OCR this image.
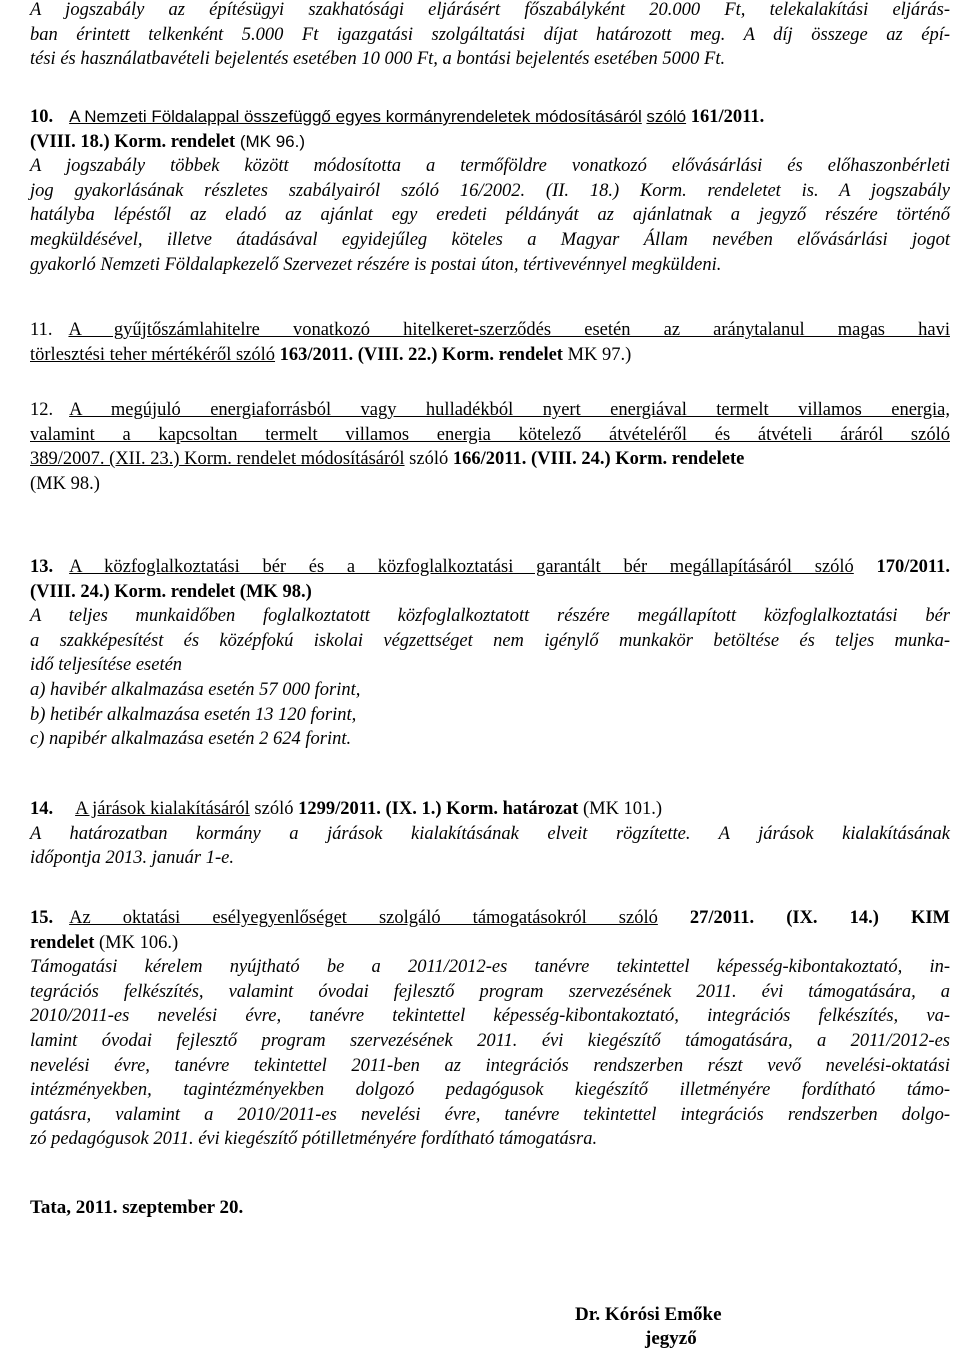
A jogszabály az építésügyi szakhatósági eljárásért főszabályként 20.000 Ft, telekalakítási eljárás-

ban érintett telkenként 5.000 Ft igazgatási szolgáltatási díjat határozott meg. A díj összege az épí-

tési és használatbavételi bejelentés esetében 10 000 Ft, a bontási bejelentés esetében 5000 Ft.

10. A Nemzeti Földalappal összefüggő egyes kormányrendeletek módosításáról szóló 161/2011.

(VIII. 18.) Korm. rendelet (MK 96.)

A jogszabály többek között módosította a termőföldre vonatkozó elővásárlási és előhaszonbérleti

jog gyakorlásának részletes szabályairól szóló 16/2002. (II. 18.) Korm. rendeletet is. A jogszabály

hatályba lépéstől az eladó az ajánlat egy eredeti példányát az ajánlatnak a jegyző részére történő

megküldésével, illetve átadásával egyidejűleg köteles a Magyar Állam nevében elővásárlási jogot

gyakorló Nemzeti Földalapkezelő Szervezet részére is postai úton, tértivevénnyel megküldeni.

11. A gyűjtőszámlahitelre vonatkozó hitelkeret-szerződés esetén az aránytalanul magas havi

törlesztési teher mértékéről szóló 163/2011. (VIII. 22.) Korm. rendelet MK 97.)

12. A megújuló energiaforrásból vagy hulladékból nyert energiával termelt villamos energia,

valamint a kapcsoltan termelt villamos energia kötelező átvételéről és átvételi áráról szóló

389/2007. (XII. 23.) Korm. rendelet módosításáról szóló 166/2011. (VIII. 24.) Korm. rendelete

(MK 98.)

13. A közfoglalkoztatási bér és a közfoglalkoztatási garantált bér megállapításáról szóló 170/2011.

(VIII. 24.) Korm. rendelet (MK 98.)

A teljes munkaidőben foglalkoztatott közfoglalkoztatott részére megállapított közfoglalkoztatási bér

a szakképesítést és középfokú iskolai végzettséget nem igénylő munkakör betöltése és teljes munka-

idő teljesítése esetén

a) havibér alkalmazása esetén 57 000 forint,

b) hetibér alkalmazása esetén 13 120 forint,

c) napibér alkalmazása esetén 2 624 forint.

14. A járások kialakításáról szóló 1299/2011. (IX. 1.) Korm. határozat (MK 101.)

A határozatban kormány a járások kialakításának elveit rögzítette. A járások kialakításának

időpontja 2013. január 1-e.

15. Az oktatási esélyegyenlőséget szolgáló támogatásokról szóló 27/2011. (IX. 14.) KIM

rendelet (MK 106.)

Támogatási kérelem nyújtható be a 2011/2012-es tanévre tekintettel képesség-kibontakoztató, in-

tegrációs felkészítés, valamint óvodai fejlesztő program szervezésének 2011. évi támogatására, a

2010/2011-es nevelési évre, tanévre tekintettel képesség-kibontakoztató, integrációs felkészítés, va-

lamint óvodai fejlesztő program szervezésének 2011. évi kiegészítő támogatására, a 2011/2012-es

nevelési évre, tanévre tekintettel 2011-ben az integrációs rendszerben részt vevő nevelési-oktatási

intézményekben, tagintézményekben dolgozó pedagógusok kiegészítő illetményére fordítható támo-

gatásra, valamint a 2010/2011-es nevelési évre, tanévre tekintettel integrációs rendszerben dolgo-

zó pedagógusok 2011. évi kiegészítő pótilletményére fordítható támogatásra.

Tata, 2011. szeptember 20.

Dr. Kórósi Emőke

jegyző
